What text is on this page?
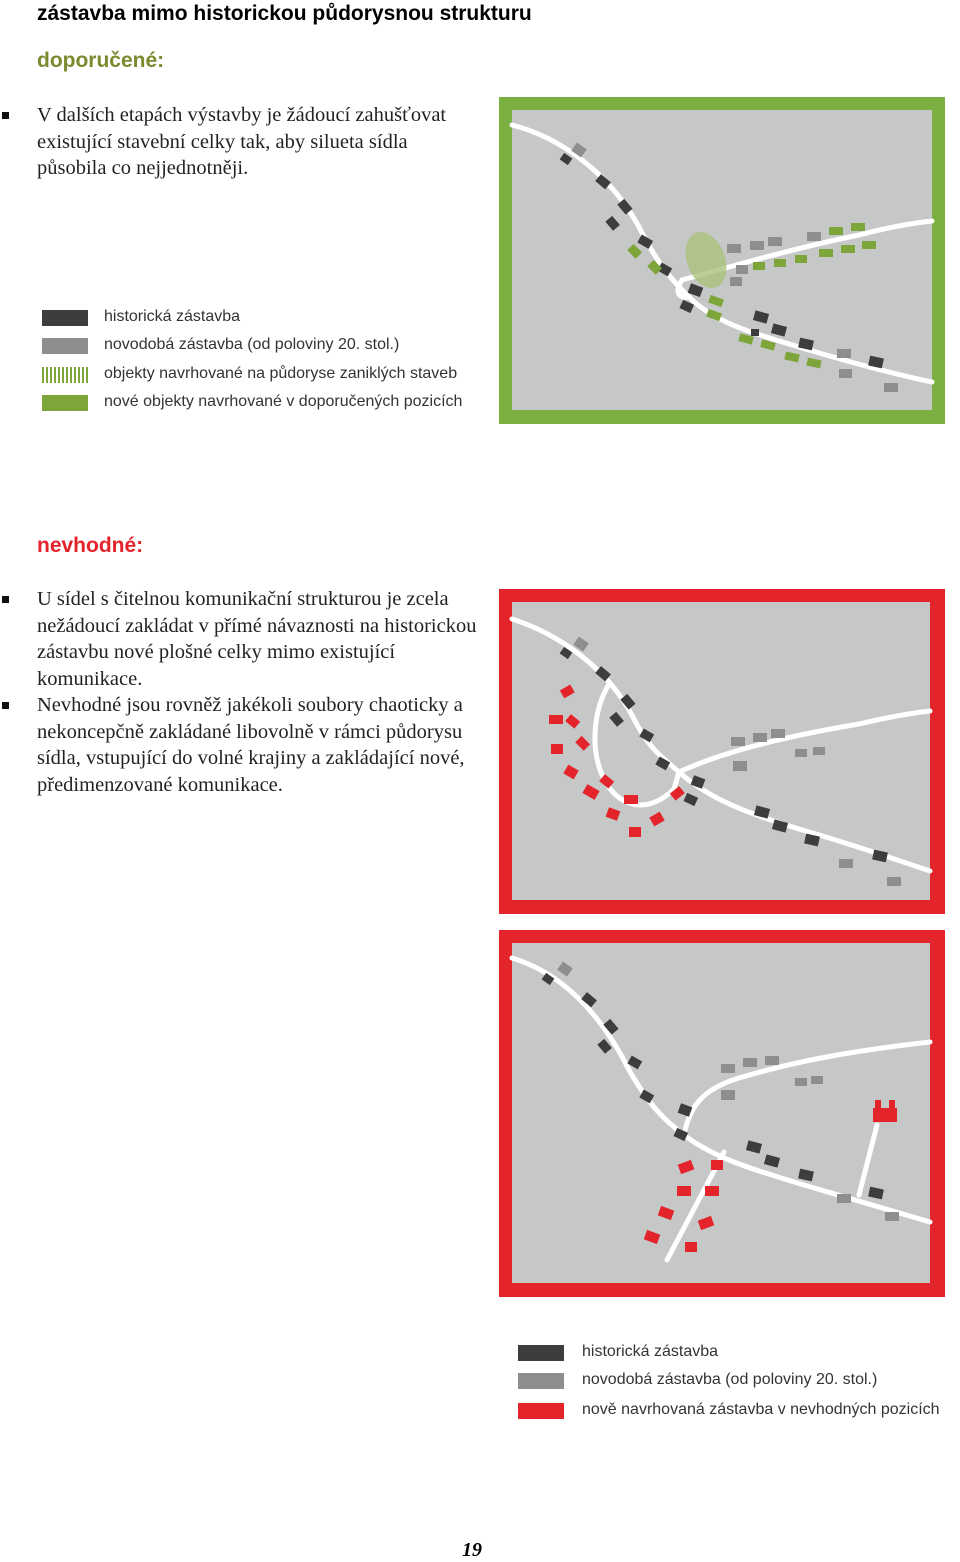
zástavba mimo historickou půdorysnou strukturu
doporučené:
V dalších etapách výstavby je žádoucí zahušťovat existující stavební celky tak, aby silueta sídla působila co nejjednotněji.
historická zástavba
novodobá zástavba (od poloviny 20. stol.)
objekty navrhované na půdoryse zaniklých staveb
nové objekty navrhované v doporučených pozicích
nevhodné:
U sídel s čitelnou komunikační strukturou je zcela nežádoucí zakládat v přímé návaznosti na historickou zástavbu nové plošné celky mimo existující komunikace.
Nevhodné jsou rovněž jakékoli soubory chaoticky a nekoncepčně zakládané libovolně v rámci půdorysu sídla, vstupující do volné krajiny a zakládající nové, předimenzované komunikace.
historická zástavba
novodobá zástavba (od poloviny 20. stol.)
nově navrhovaná zástavba v nevhodných pozicích
19
